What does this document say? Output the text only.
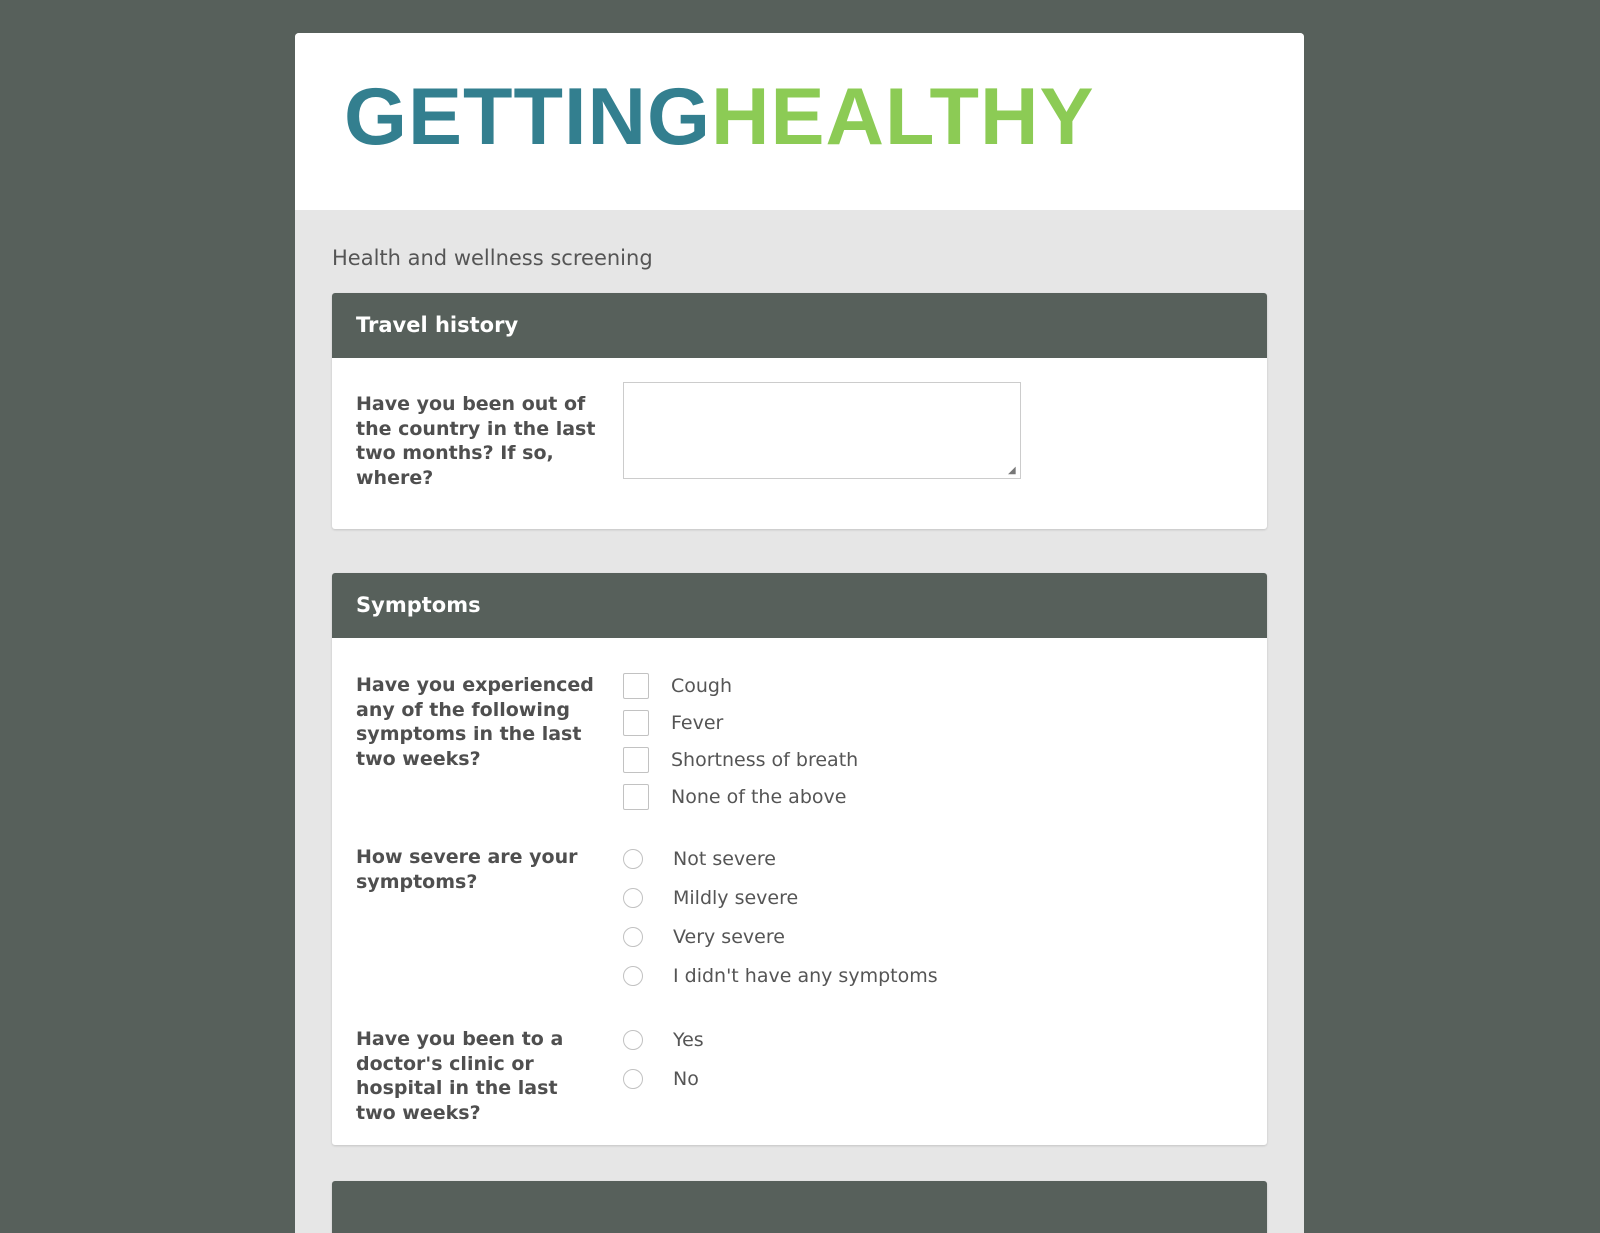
GETTINGHEALTHY
Health and wellness screening
Travel history
Have you been out of the country in the last two months? If so, where?	◢
Symptoms
Have you experienced any of the following symptoms in the last two weeks?
Cough
Fever
Shortness of breath
None of the above
How severe are your symptoms?
Not severe
Mildly severe
Very severe
I didn't have any symptoms
Have you been to a doctor's clinic or hospital in the last two weeks?
Yes
No
